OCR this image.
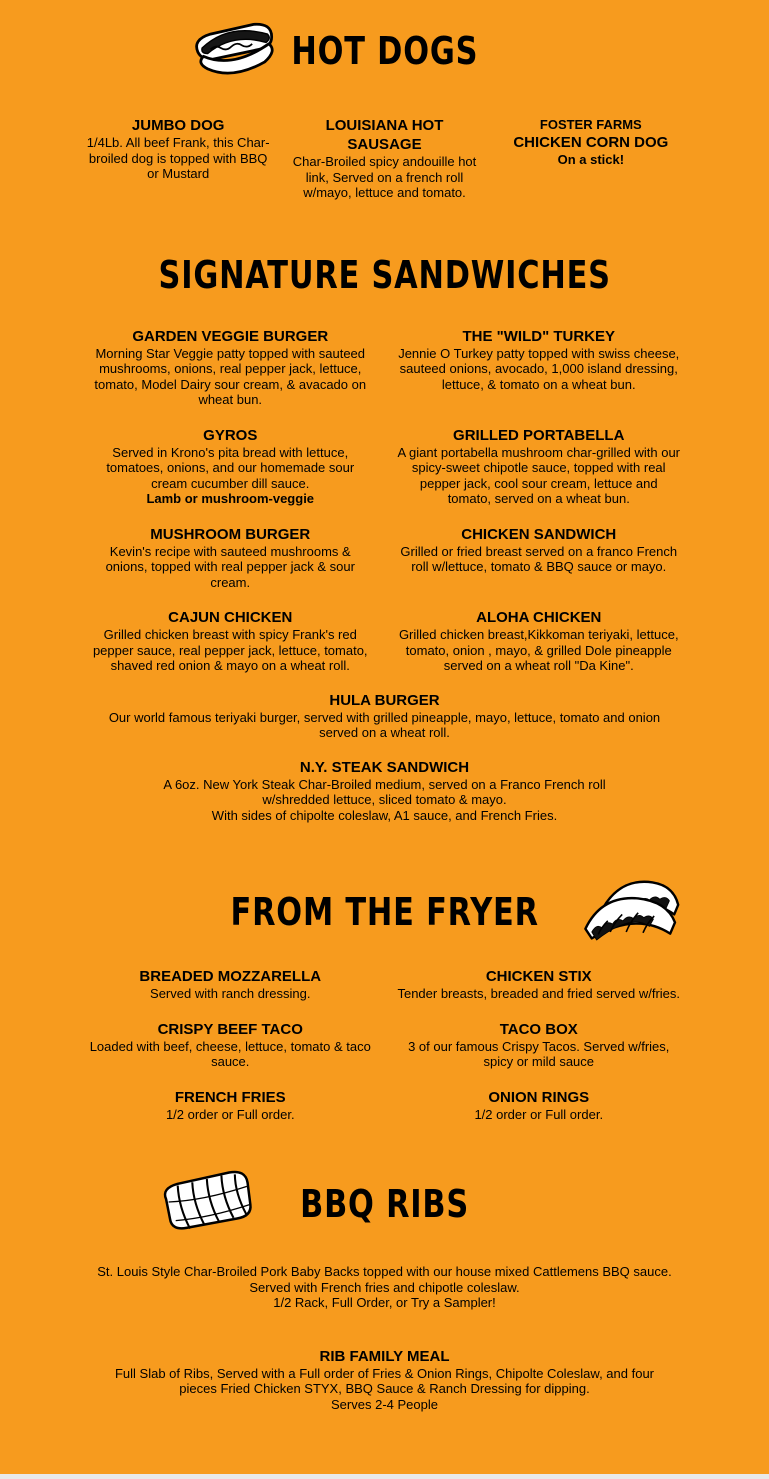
HOT DOGS
JUMBO DOG
1/4Lb. All beef Frank, this Char-broiled dog is topped with BBQ or Mustard
LOUISIANA HOT SAUSAGE
Char-Broiled spicy andouille hot link, Served on a french roll w/mayo, lettuce and tomato.
FOSTER FARMS
CHICKEN CORN DOG
On a stick!
SIGNATURE SANDWICHES
GARDEN VEGGIE BURGER
Morning Star Veggie patty topped with sauteed mushrooms, onions, real pepper jack, lettuce, tomato, Model Dairy sour cream, & avacado on wheat bun.
THE "WILD" TURKEY
Jennie O Turkey patty topped with swiss cheese, sauteed onions, avocado, 1,000 island dressing, lettuce, & tomato on a wheat bun.
GYROS
Served in Krono's pita bread with lettuce, tomatoes, onions, and our homemade sour cream cucumber dill sauce.
Lamb or mushroom-veggie
GRILLED PORTABELLA
A giant portabella mushroom char-grilled with our spicy-sweet chipotle sauce, topped with real pepper jack, cool sour cream, lettuce and tomato, served on a wheat bun.
MUSHROOM BURGER
Kevin's recipe with sauteed mushrooms & onions, topped with real pepper jack & sour cream.
CHICKEN SANDWICH
Grilled or fried breast served on a franco French roll w/lettuce, tomato & BBQ sauce or mayo.
CAJUN CHICKEN
Grilled chicken breast with spicy Frank's red pepper sauce, real pepper jack, lettuce, tomato, shaved red onion & mayo on a wheat roll.
ALOHA CHICKEN
Grilled chicken breast,Kikkoman teriyaki, lettuce, tomato, onion , mayo, & grilled Dole pineapple served on a wheat roll "Da Kine".
HULA BURGER
Our world famous teriyaki burger, served with grilled pineapple, mayo, lettuce, tomato and onion served on a wheat roll.
N.Y. STEAK SANDWICH
A 6oz. New York Steak Char-Broiled medium, served on a Franco French roll w/shredded lettuce, sliced tomato & mayo.
With sides of chipolte coleslaw, A1 sauce, and French Fries.
FROM THE FRYER
BREADED MOZZARELLA
Served with ranch dressing.
CHICKEN STIX
Tender breasts, breaded and fried served w/fries.
CRISPY BEEF TACO
Loaded with beef, cheese, lettuce, tomato & taco sauce.
TACO BOX
3 of our famous Crispy Tacos. Served w/fries, spicy or mild sauce
FRENCH FRIES
1/2 order or Full order.
ONION RINGS
1/2 order or Full order.
BBQ RIBS
St. Louis Style Char-Broiled Pork Baby Backs topped with our house mixed Cattlemens BBQ sauce.
Served with French fries and chipotle coleslaw.
1/2 Rack, Full Order, or Try a Sampler!
RIB FAMILY MEAL
Full Slab of Ribs, Served with a Full order of Fries & Onion Rings, Chipolte Coleslaw, and four pieces Fried Chicken STYX, BBQ Sauce & Ranch Dressing for dipping.
Serves 2-4 People
